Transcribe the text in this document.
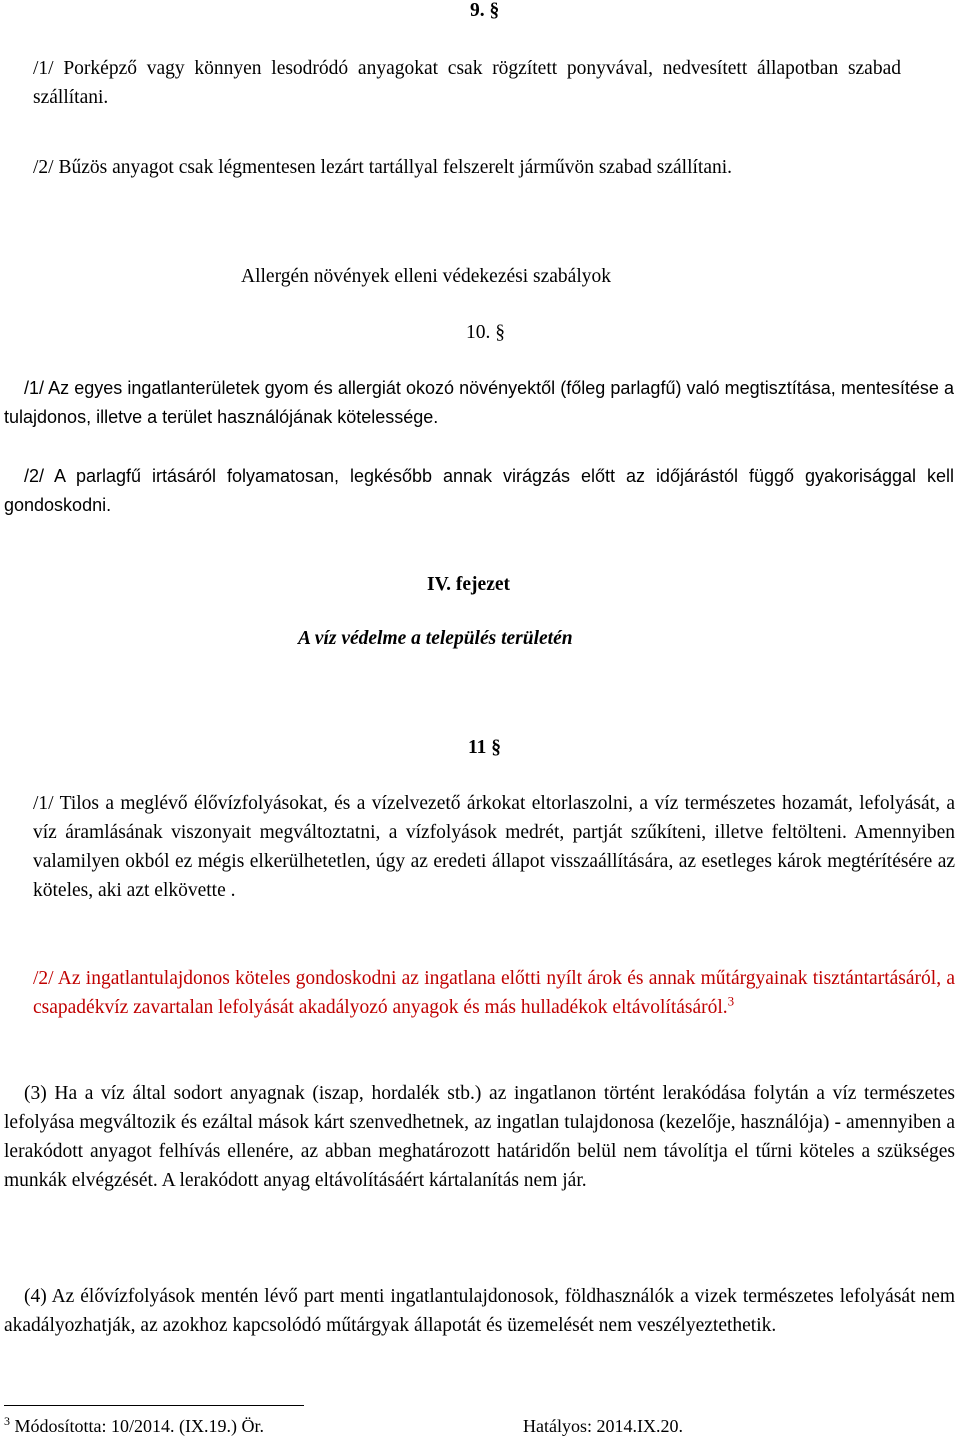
9. §

/1/ Porképző vagy könnyen lesodródó anyagokat csak rögzített ponyvával, nedvesített állapotban szabad szállítani.

/2/ Bűzös anyagot csak légmentesen lezárt tartállyal felszerelt járművön szabad szállítani.

Allergén növények elleni védekezési szabályok
10. §

/1/ Az egyes ingatlanterületek gyom és allergiát okozó növényektől (főleg parlagfű) való megtisztítása, mentesítése a tulajdonos, illetve a terület használójának kötelessége.

/2/ A parlagfű irtásáról folyamatosan, legkésőbb annak virágzás előtt az időjárástól függő gyakorisággal kell gondoskodni.

IV. fejezet
A víz védelme a település területén
11 §

/1/ Tilos a meglévő élővízfolyásokat, és a vízelvezető árkokat eltorlaszolni, a víz természetes hozamát, lefolyását, a víz áramlásának viszonyait megváltoztatni, a vízfolyások medrét, partját szűkíteni, illetve feltölteni. Amennyiben valamilyen okból ez mégis elkerülhetetlen, úgy az eredeti állapot visszaállítására, az esetleges károk megtérítésére az köteles, aki azt elkövette .

/2/ Az ingatlantulajdonos köteles gondoskodni az ingatlana előtti nyílt árok és annak műtárgyainak tisztántartásáról, a csapadékvíz zavartalan lefolyását akadályozó anyagok és más hulladékok eltávolításáról.$^3$

(3) Ha a víz által sodort anyagnak (iszap, hordalék stb.) az ingatlanon történt lerakódása folytán a víz természetes lefolyása megváltozik és ezáltal mások kárt szenvedhetnek, az ingatlan tulajdonosa (kezelője, használója) - amennyiben a lerakódott anyagot felhívás ellenére, az abban meghatározott határidőn belül nem távolítja el tűrni köteles a szükséges munkák elvégzését. A lerakódott anyag eltávolításáért kártalanítás nem jár.

(4) Az élővízfolyások mentén lévő part menti ingatlantulajdonosok, földhasználók a vizek természetes lefolyását nem akadályozhatják, az azokhoz kapcsolódó műtárgyak állapotát és üzemelését nem veszélyeztethetik.

$^3$ Módosította: 10/2014. (IX.19.) Ör.	Hatályos: 2014.IX.20.
